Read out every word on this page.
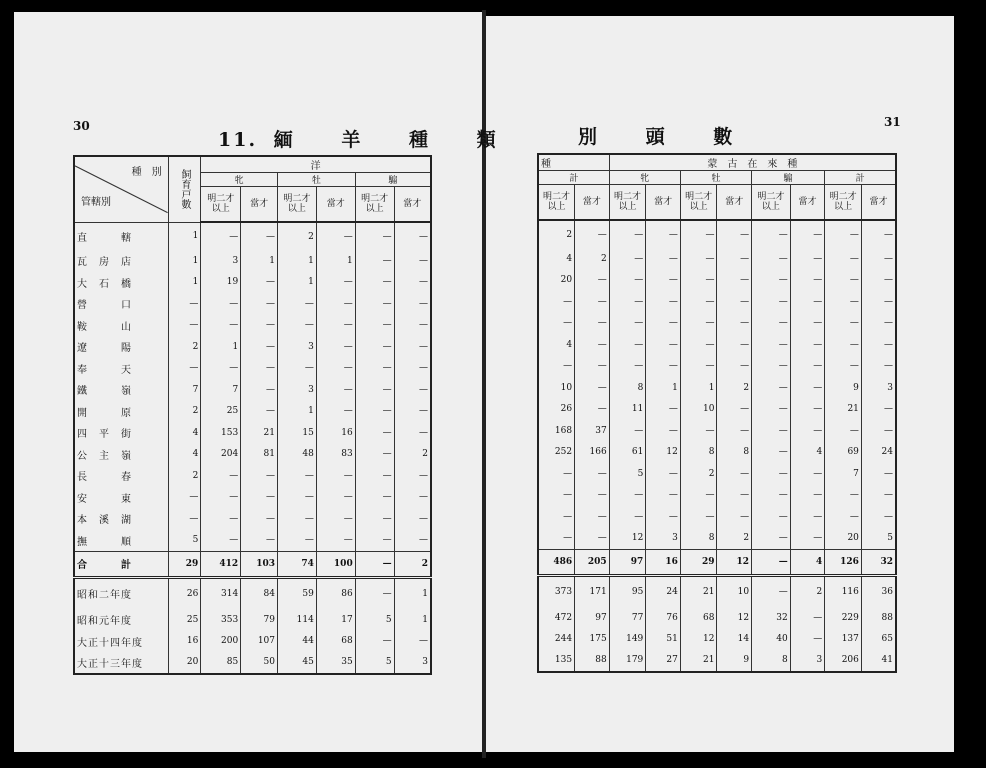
30
11. 緬 羊 種 類
種　別
管轄別	飼育戸數	洋					
		牝		牡		騸	
		明二才以上	當才	明二才以上	當才	明二才以上	當才
直　　　轄	1	—	—	2	—	—	—
瓦　房　店	1	3	1	1	1	—	—
大　石　橋	1	19	—	1	—	—	—
營　　　口	—	—	—	—	—	—	—
鞍　　　山	—	—	—	—	—	—	—
遼　　　陽	2	1	—	3	—	—	—
奉　　　天	—	—	—	—	—	—	—
鐵　　　嶺	7	7	—	3	—	—	—
開　　　原	2	25	—	1	—	—	—
四　平　街	4	153	21	15	16	—	—
公　主　嶺	4	204	81	48	83	—	2
長　　　春	2	—	—	—	—	—	—
安　　　東	—	—	—	—	—	—	—
本　溪　湖	—	—	—	—	—	—	—
撫　　　順	5	—	—	—	—	—	—
合　　　計	29	412	103	74	100	—	2
昭和二年度	26	314	84	59	86	—	1
昭和元年度	25	353	79	114	17	5	1
大正十四年度	16	200	107	44	68	—	—
大正十三年度	20	85	50	45	35	5	3
31
別 頭 數
種		蒙　古　在　來　種							
計		牝		牡		騸		計	
明二才以上	當才	明二才以上	當才	明二才以上	當才	明二才以上	當才	明二才以上	當才
2	—	—	—	—	—	—	—	—	—
4	2	—	—	—	—	—	—	—	—
20	—	—	—	—	—	—	—	—	—
—	—	—	—	—	—	—	—	—	—
—	—	—	—	—	—	—	—	—	—
4	—	—	—	—	—	—	—	—	—
—	—	—	—	—	—	—	—	—	—
10	—	8	1	1	2	—	—	9	3
26	—	11	—	10	—	—	—	21	—
168	37	—	—	—	—	—	—	—	—
252	166	61	12	8	8	—	4	69	24
—	—	5	—	2	—	—	—	7	—
—	—	—	—	—	—	—	—	—	—
—	—	—	—	—	—	—	—	—	—
—	—	12	3	8	2	—	—	20	5
486	205	97	16	29	12	—	4	126	32
373	171	95	24	21	10	—	2	116	36
472	97	77	76	68	12	32	—	229	88
244	175	149	51	12	14	40	—	137	65
135	88	179	27	21	9	8	3	206	41
